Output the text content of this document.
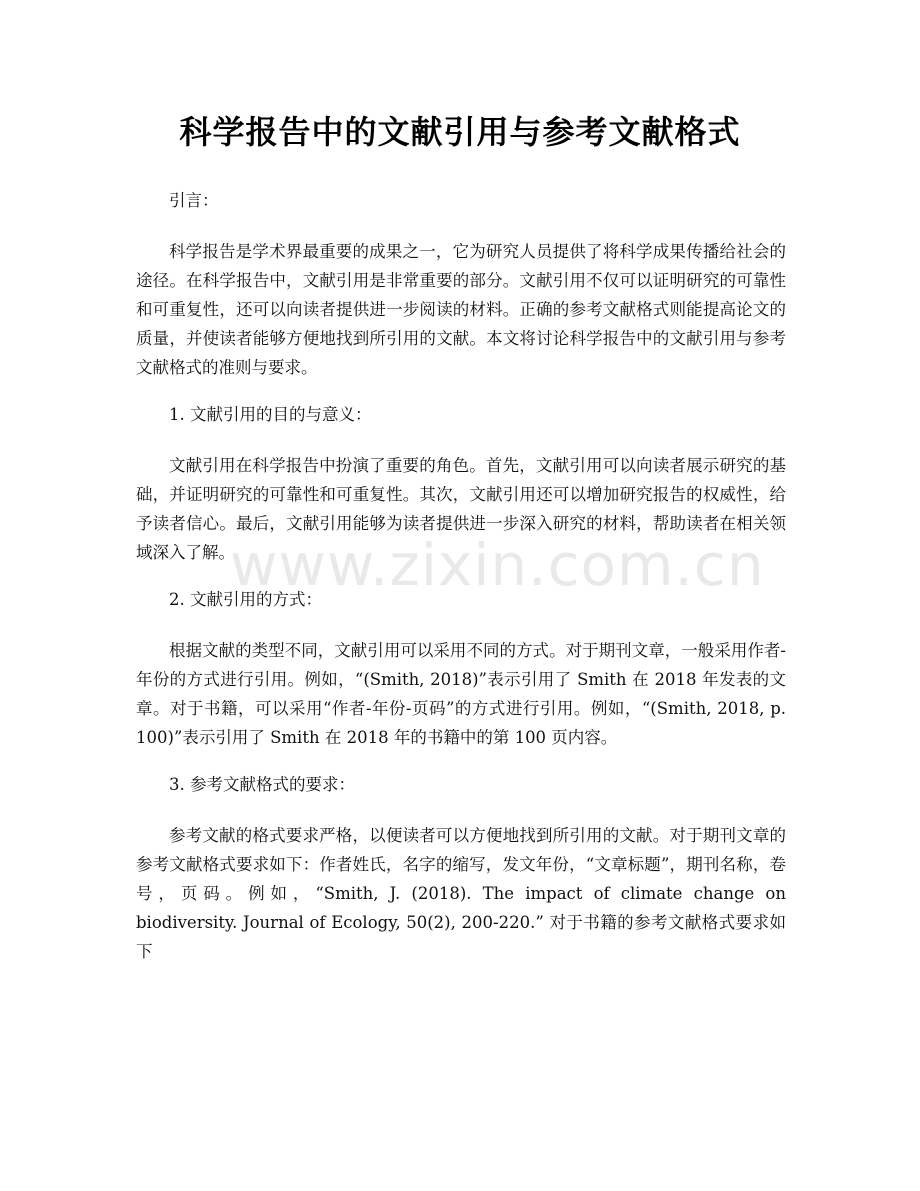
科学报告中的文献引用与参考文献格式

引言：

科学报告是学术界最重要的成果之一，它为研究人员提供了将科学成果传播给社会的途径。在科学报告中，文献引用是非常重要的部分。文献引用不仅可以证明研究的可靠性和可重复性，还可以向读者提供进一步阅读的材料。正确的参考文献格式则能提高论文的质量，并使读者能够方便地找到所引用的文献。本文将讨论科学报告中的文献引用与参考文献格式的准则与要求。

1. 文献引用的目的与意义：

文献引用在科学报告中扮演了重要的角色。首先，文献引用可以向读者展示研究的基础，并证明研究的可靠性和可重复性。其次，文献引用还可以增加研究报告的权威性，给予读者信心。最后，文献引用能够为读者提供进一步深入研究的材料，帮助读者在相关领域深入了解。

2. 文献引用的方式：

根据文献的类型不同，文献引用可以采用不同的方式。对于期刊文章，一般采用作者-年份的方式进行引用。例如，“(Smith, 2018)”表示引用了 Smith 在 2018 年发表的文章。对于书籍，可以采用“作者-年份-页码”的方式进行引用。例如，“(Smith, 2018, p. 100)”表示引用了 Smith 在 2018 年的书籍中的第 100 页内容。

3. 参考文献格式的要求：

参考文献的格式要求严格，以便读者可以方便地找到所引用的文献。对于期刊文章的参考文献格式要求如下：作者姓氏，名字的缩写，发文年份，“文章标题”，期刊名称，卷号，页码。例如，“Smith, J. (2018). The impact of climate change on biodiversity. Journal of Ecology, 50(2), 200-220.” 对于书籍的参考文献格式要求如下

www.zixin.com.cn
